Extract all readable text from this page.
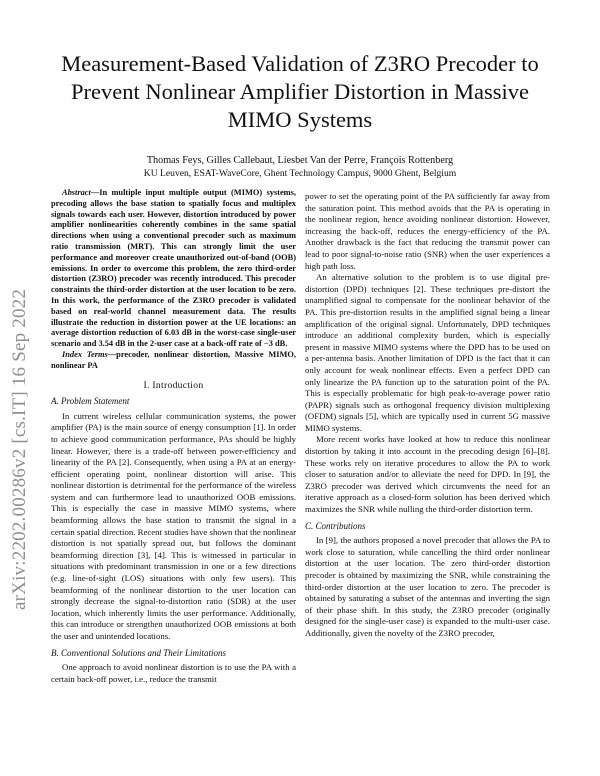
Measurement-Based Validation of Z3RO Precoder to Prevent Nonlinear Amplifier Distortion in Massive MIMO Systems
Thomas Feys, Gilles Callebaut, Liesbet Van der Perre, François Rottenberg
KU Leuven, ESAT-WaveCore, Ghent Technology Campus, 9000 Ghent, Belgium
arXiv:2202.00286v2 [cs.IT] 16 Sep 2022

Abstract—In multiple input multiple output (MIMO) systems, precoding allows the base station to spatially focus and multiplex signals towards each user. However, distortion introduced by power amplifier nonlinearities coherently combines in the same spatial directions when using a conventional precoder such as maximum ratio transmission (MRT). This can strongly limit the user performance and moreover create unauthorized out-of-band (OOB) emissions. In order to overcome this problem, the zero third-order distortion (Z3RO) precoder was recently introduced. This precoder constraints the third-order distortion at the user location to be zero. In this work, the performance of the Z3RO precoder is validated based on real-world channel measurement data. The results illustrate the reduction in distortion power at the UE locations: an average distortion reduction of 6.03 dB in the worst-case single-user scenario and 3.54 dB in the 2-user case at a back-off rate of −3 dB.

Index Terms—precoder, nonlinear distortion, Massive MIMO, nonlinear PA

I. Introduction
A. Problem Statement

In current wireless cellular communication systems, the power amplifier (PA) is the main source of energy consumption [1]. In order to achieve good communication performance, PAs should be highly linear. However, there is a trade-off between power-efficiency and linearity of the PA [2]. Consequently, when using a PA at an energy-efficient operating point, nonlinear distortion will arise. This nonlinear distortion is detrimental for the performance of the wireless system and can furthermore lead to unauthorized OOB emissions. This is especially the case in massive MIMO systems, where beamforming allows the base station to transmit the signal in a certain spatial direction. Recent studies have shown that the nonlinear distortion is not spatially spread out, but follows the dominant beamforming direction [3], [4]. This is witnessed in particular in situations with predominant transmission in one or a few directions (e.g. line-of-sight (LOS) situations with only few users). This beamforming of the nonlinear distortion to the user location can strongly decrease the signal-to-distortion ratio (SDR) at the user location, which inherently limits the user performance. Additionally, this can introduce or strengthen unauthorized OOB emissions at both the user and unintended locations.

B. Conventional Solutions and Their Limitations

One approach to avoid nonlinear distortion is to use the PA with a certain back-off power, i.e., reduce the transmit

power to set the operating point of the PA sufficiently far away from the saturation point. This method avoids that the PA is operating in the nonlinear region, hence avoiding nonlinear distortion. However, increasing the back-off, reduces the energy-efficiency of the PA. Another drawback is the fact that reducing the transmit power can lead to poor signal-to-noise ratio (SNR) when the user experiences a high path loss.

An alternative solution to the problem is to use digital pre-distortion (DPD) techniques [2]. These techniques pre-distort the unamplified signal to compensate for the nonlinear behavior of the PA. This pre-distortion results in the amplified signal being a linear amplification of the original signal. Unfortunately, DPD techniques introduce an additional complexity burden, which is especially present in massive MIMO systems where the DPD has to be used on a per-antenna basis. Another limitation of DPD is the fact that it can only account for weak nonlinear effects. Even a perfect DPD can only linearize the PA function up to the saturation point of the PA. This is especially problematic for high peak-to-average power ratio (PAPR) signals such as orthogonal frequency division multiplexing (OFDM) signals [5], which are typically used in current 5G massive MIMO systems.

More recent works have looked at how to reduce this nonlinear distortion by taking it into account in the precoding design [6]–[8]. These works rely on iterative procedures to allow the PA to work closer to saturation and/or to alleviate the need for DPD. In [9], the Z3RO precoder was derived which circumvents the need for an iterative approach as a closed-form solution has been derived which maximizes the SNR while nulling the third-order distortion term.

C. Contributions

In [9], the authors proposed a novel precoder that allows the PA to work close to saturation, while cancelling the third order nonlinear distortion at the user location. The zero third-order distortion precoder is obtained by maximizing the SNR, while constraining the third-order distortion at the user location to zero. The precoder is obtained by saturating a subset of the antennas and inverting the sign of their phase shift. In this study, the Z3RO precoder (originally designed for the single-user case) is expanded to the multi-user case. Additionally, given the novelty of the Z3RO precoder,
